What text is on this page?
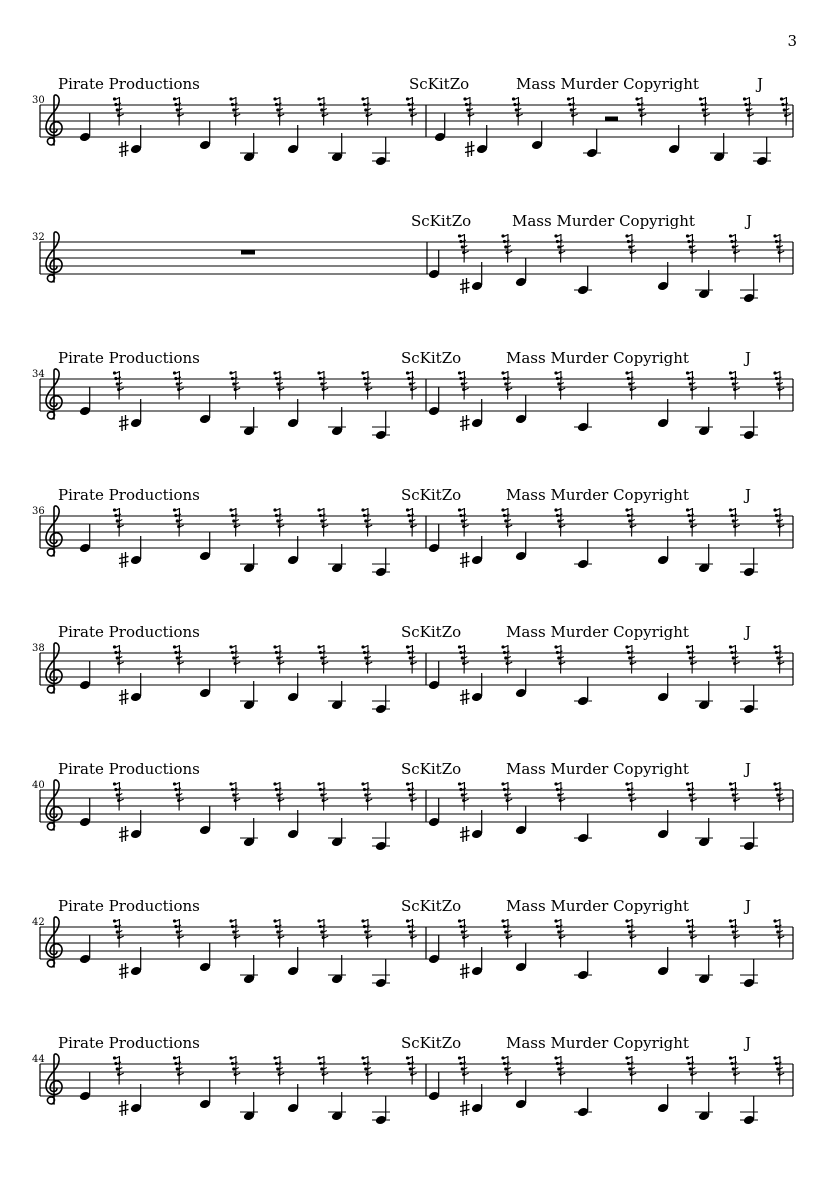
3
Pirate Productions	ScKitZo	Mass Murder Copyright	J
30
ScKitZo	Mass Murder Copyright	J
32
Pirate Productions	ScKitZo	Mass Murder Copyright	J
34
Pirate Productions	ScKitZo	Mass Murder Copyright	J
36
Pirate Productions	ScKitZo	Mass Murder Copyright	J
38
Pirate Productions	ScKitZo	Mass Murder Copyright	J
40
Pirate Productions	ScKitZo	Mass Murder Copyright	J
42
Pirate Productions	ScKitZo	Mass Murder Copyright	J
44
